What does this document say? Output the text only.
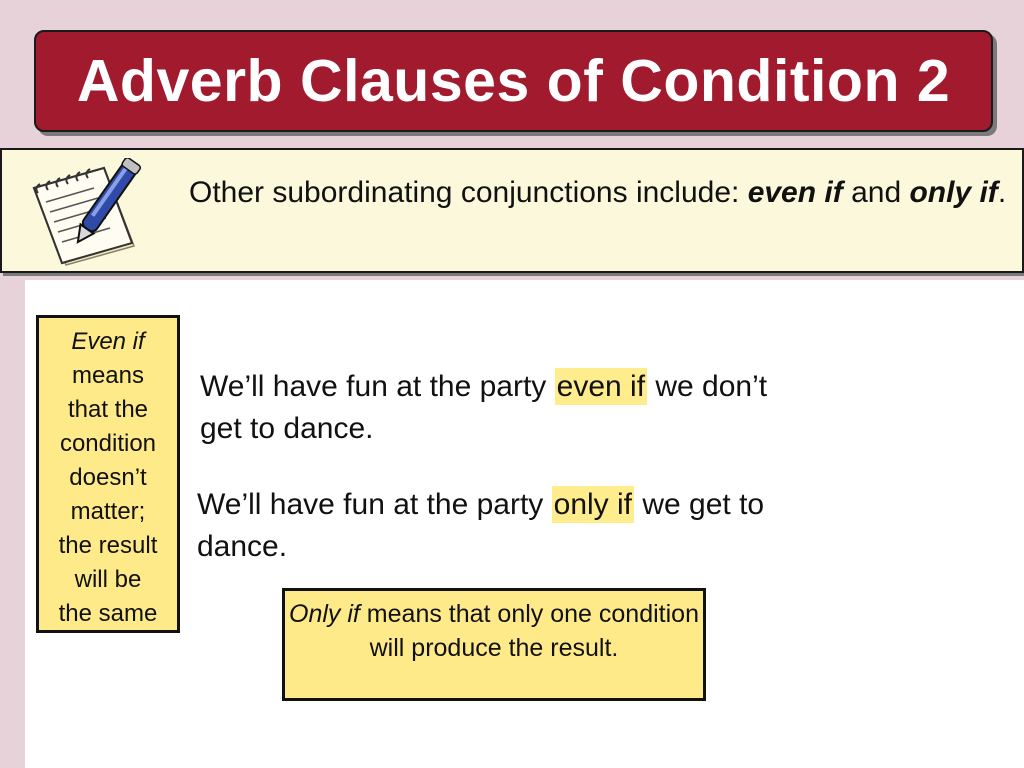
Adverb Clauses of Condition 2
Other subordinating conjunctions include: even if and only if.
Even if
means
that the
condition
doesn’t
matter;
the result
will be
the same
We’ll have fun at the party even if we don’t get to dance.
We’ll have fun at the party only if we get to dance.
Only if means that only one condition will produce the result.
